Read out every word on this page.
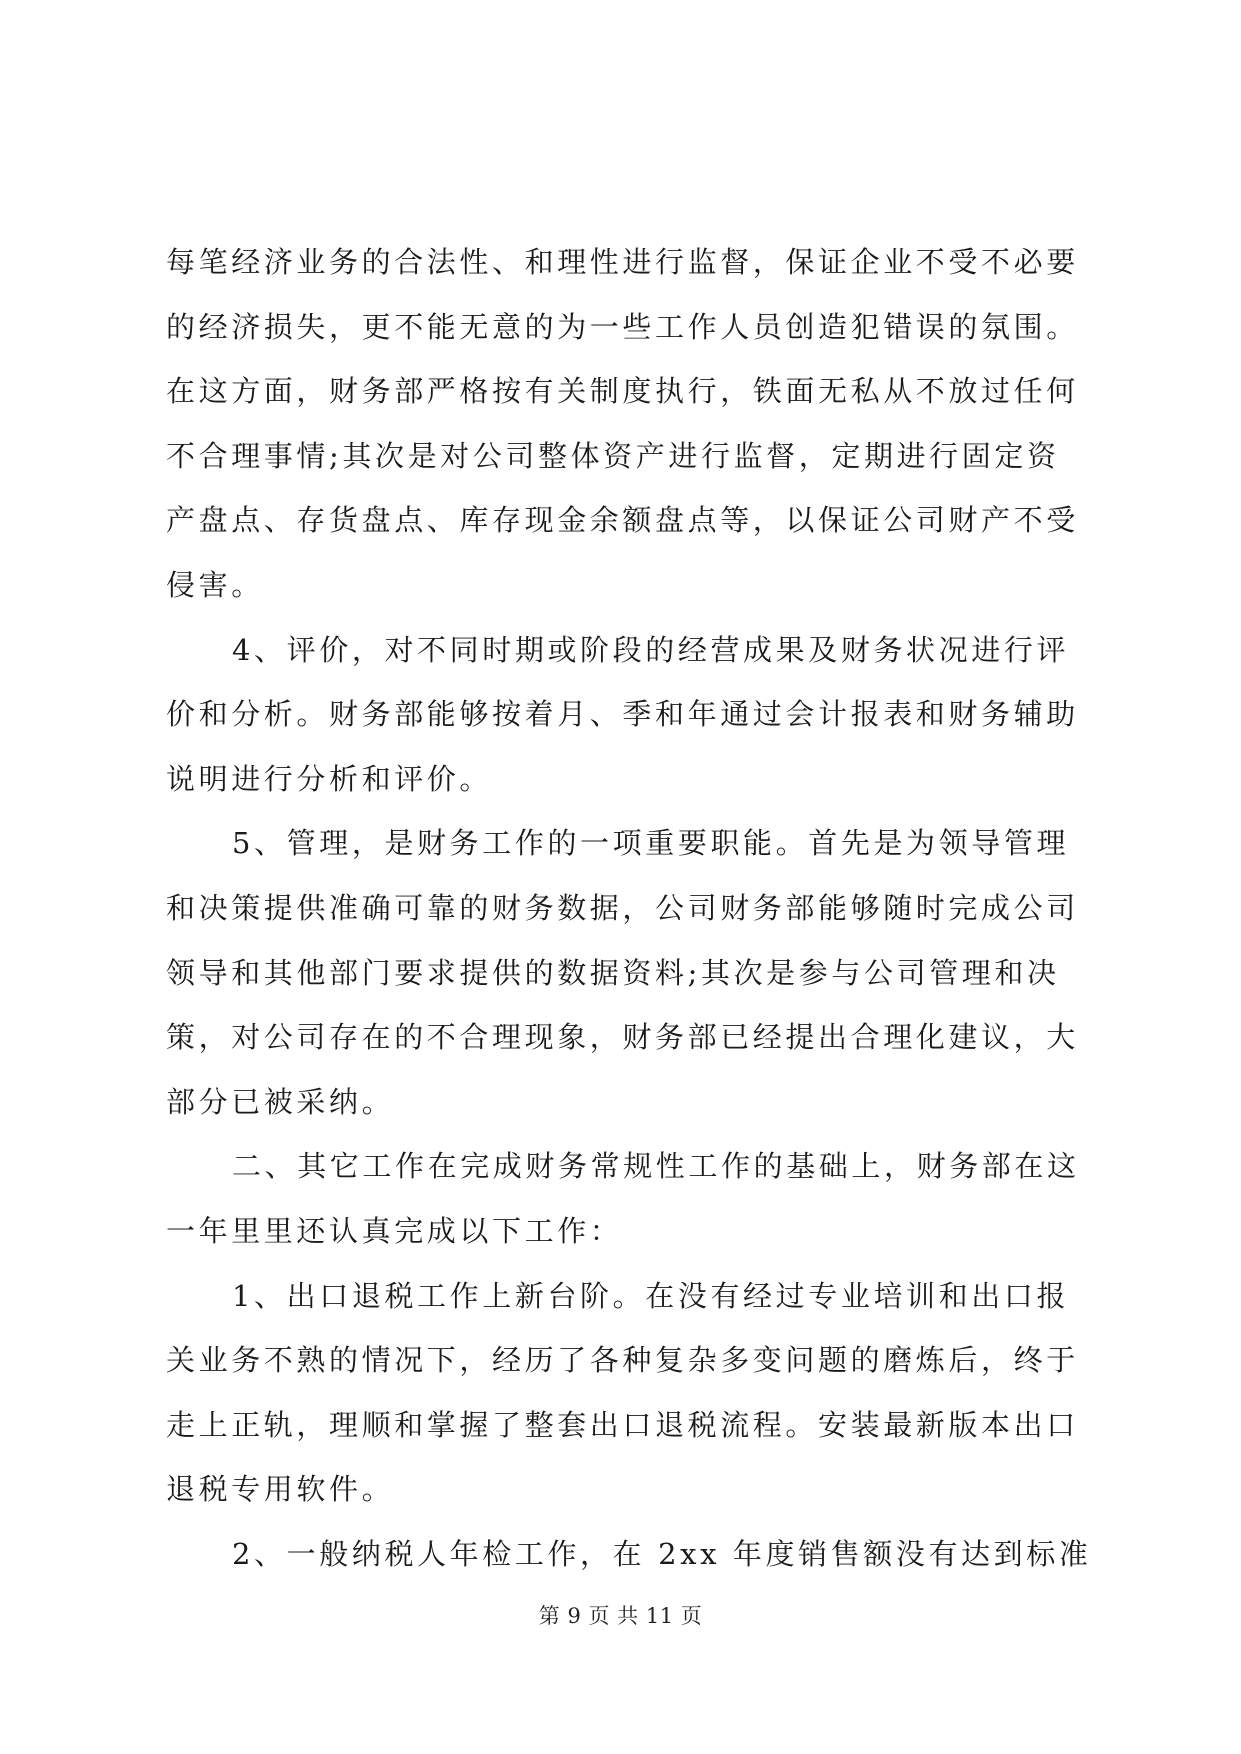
每笔经济业务的合法性、和理性进行监督，保证企业不受不必要
的经济损失，更不能无意的为一些工作人员创造犯错误的氛围。
在这方面，财务部严格按有关制度执行，铁面无私从不放过任何
不合理事情;其次是对公司整体资产进行监督，定期进行固定资
产盘点、存货盘点、库存现金余额盘点等，以保证公司财产不受
侵害。
4、评价，对不同时期或阶段的经营成果及财务状况进行评
价和分析。财务部能够按着月、季和年通过会计报表和财务辅助
说明进行分析和评价。
5、管理，是财务工作的一项重要职能。首先是为领导管理
和决策提供准确可靠的财务数据，公司财务部能够随时完成公司
领导和其他部门要求提供的数据资料;其次是参与公司管理和决
策，对公司存在的不合理现象，财务部已经提出合理化建议，大
部分已被采纳。
二、其它工作在完成财务常规性工作的基础上，财务部在这
一年里里还认真完成以下工作：
1、出口退税工作上新台阶。在没有经过专业培训和出口报
关业务不熟的情况下，经历了各种复杂多变问题的磨炼后，终于
走上正轨，理顺和掌握了整套出口退税流程。安装最新版本出口
退税专用软件。
2、一般纳税人年检工作，在 2xx 年度销售额没有达到标准
第 9 页 共 11 页
